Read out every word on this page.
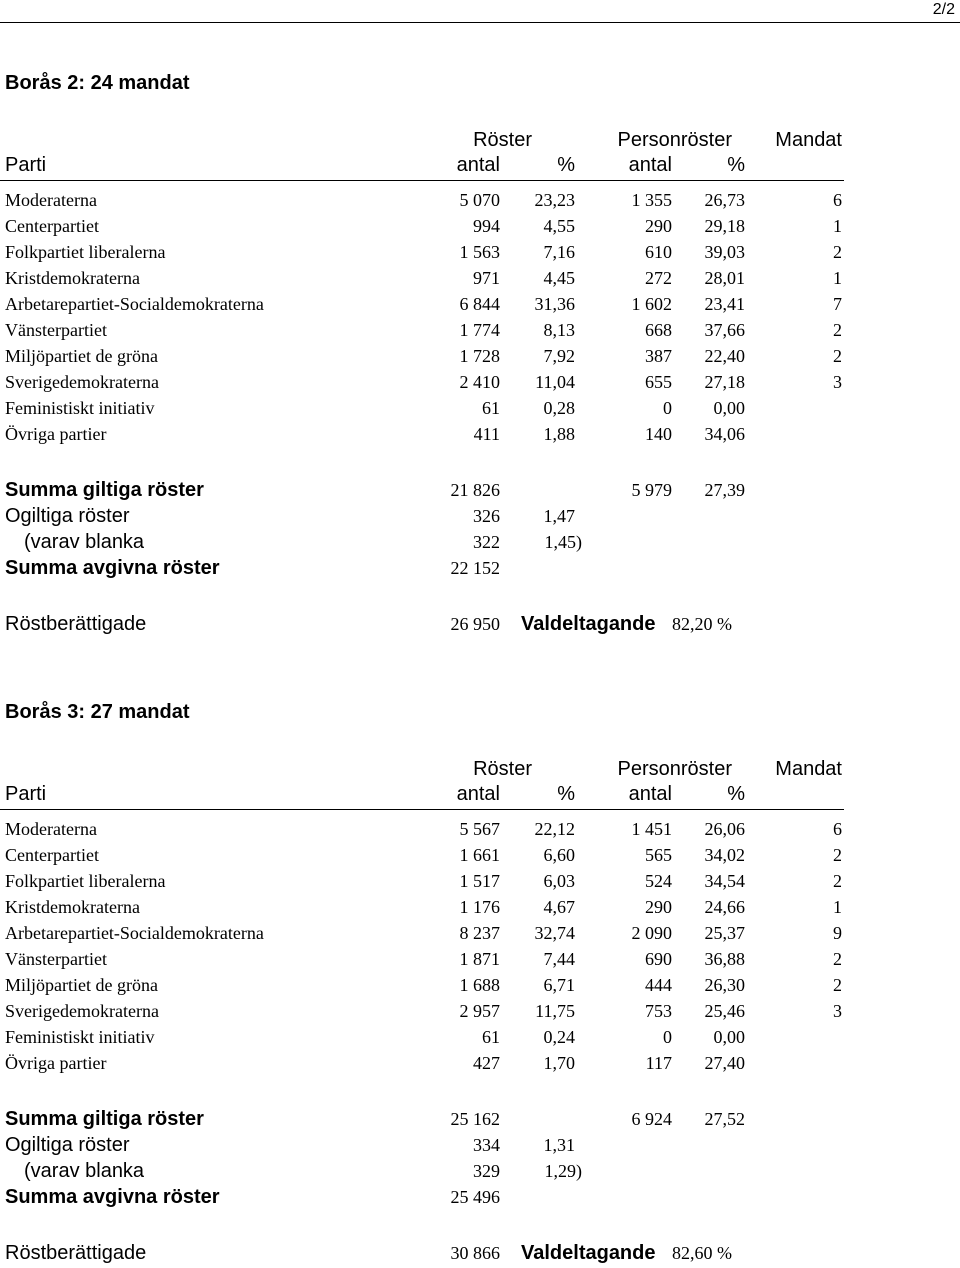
2/2
Borås 2: 24 mandat
Röster	Personröster Mandat
Parti	antal	%	antal	%
Moderaterna	5 070 23,23	1 355 26,73	6
Centerpartiet	994 4,55	290 29,18	1
Folkpartiet liberalerna	1 563 7,16	610 39,03	2
Kristdemokraterna	971 4,45	272 28,01	1
Arbetarepartiet-Socialdemokraterna	6 844 31,36	1 602 23,41	7
Vänsterpartiet	1 774 8,13	668 37,66	2
Miljöpartiet de gröna	1 728 7,92	387 22,40	2
Sverigedemokraterna	2 410 11,04	655 27,18	3
Feministiskt initiativ	61 0,28	0 0,00
Övriga partier	411 1,88	140 34,06
Summa giltiga röster	21 826	5 979 27,39
Ogiltiga röster	326 1,47
(varav blanka	322 1,45)
Summa avgivna röster	22 152
Röstberättigade	26 950 Valdeltagande 82,20 %
Borås 3: 27 mandat
Röster	Personröster Mandat
Parti	antal	%	antal	%
Moderaterna	5 567 22,12	1 451 26,06	6
Centerpartiet	1 661 6,60	565 34,02	2
Folkpartiet liberalerna	1 517 6,03	524 34,54	2
Kristdemokraterna	1 176 4,67	290 24,66	1
Arbetarepartiet-Socialdemokraterna	8 237 32,74	2 090 25,37	9
Vänsterpartiet	1 871 7,44	690 36,88	2
Miljöpartiet de gröna	1 688 6,71	444 26,30	2
Sverigedemokraterna	2 957 11,75	753 25,46	3
Feministiskt initiativ	61 0,24	0 0,00
Övriga partier	427 1,70	117 27,40
Summa giltiga röster	25 162	6 924 27,52
Ogiltiga röster	334 1,31
(varav blanka	329 1,29)
Summa avgivna röster	25 496
Röstberättigade	30 866 Valdeltagande 82,60 %
